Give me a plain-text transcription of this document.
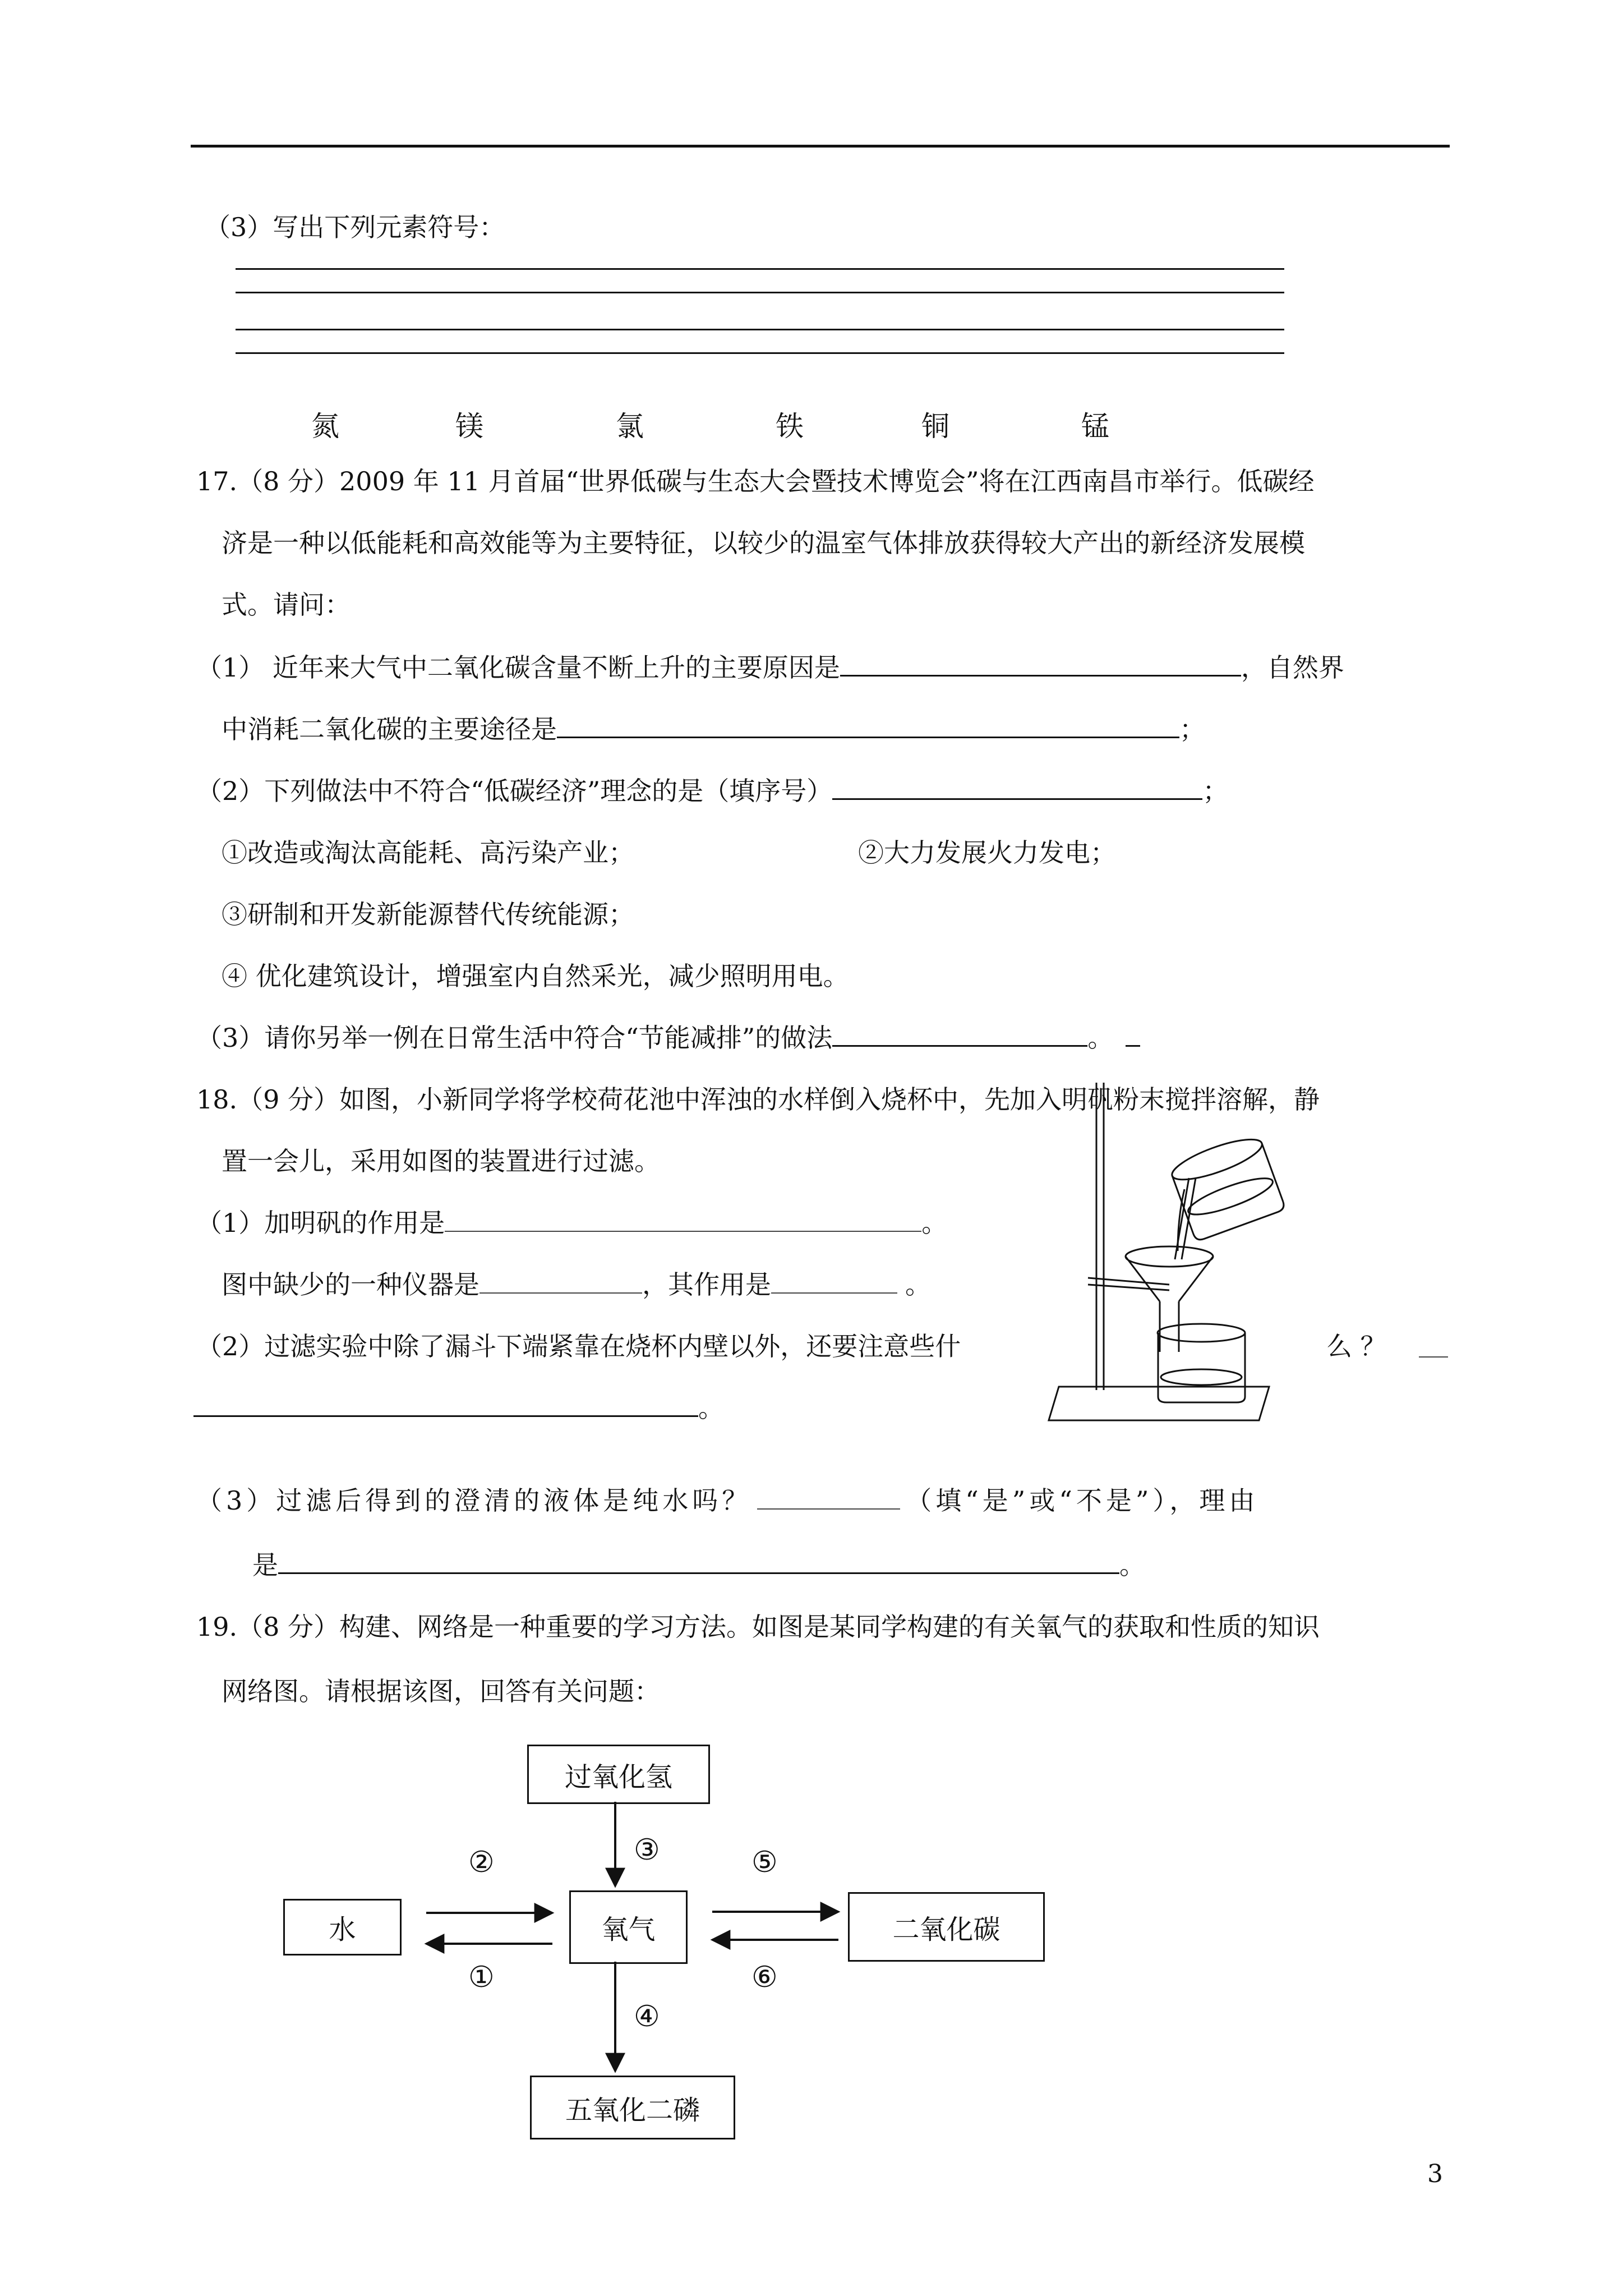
（3）写出下列元素符号：
氮	镁	氯	铁	铜	锰
17.（8 分）2009 年 11 月首届“世界低碳与生态大会暨技术博览会”将在江西南昌市举行。低碳经
济是一种以低能耗和高效能等为主要特征，以较少的温室气体排放获得较大产出的新经济发展模
式。请问：
（1） 近年来大气中二氧化碳含量不断上升的主要原因是	，自然界
中消耗二氧化碳的主要途径是	；
（2）下列做法中不符合“低碳经济”理念的是（填序号）	；
①改造或淘汰高能耗、高污染产业；	②大力发展火力发电；
③研制和开发新能源替代传统能源；
④ 优化建筑设计，增强室内自然采光，减少照明用电。
（3）请你另举一例在日常生活中符合“节能减排”的做法	。
18.（9 分）如图，小新同学将学校荷花池中浑浊的水样倒入烧杯中，先加入明矾粉末搅拌溶解，静
置一会儿，采用如图的装置进行过滤。
（1）加明矾的作用是	。
图中缺少的一种仪器是	，其作用是	。
（2）过滤实验中除了漏斗下端紧靠在烧杯内壁以外，还要注意些什	么 ？
。
（3）过滤后得到的澄清的液体是纯水吗？	（填“是”或“不是”），理由
是	。
19.（8 分）构建、网络是一种重要的学习方法。如图是某同学构建的有关氧气的获取和性质的知识
网络图。请根据该图，回答有关问题：
过氧化氢
水	氧气	二氧化碳
五氧化二磷
②	③	⑤
①	⑥
④
3
